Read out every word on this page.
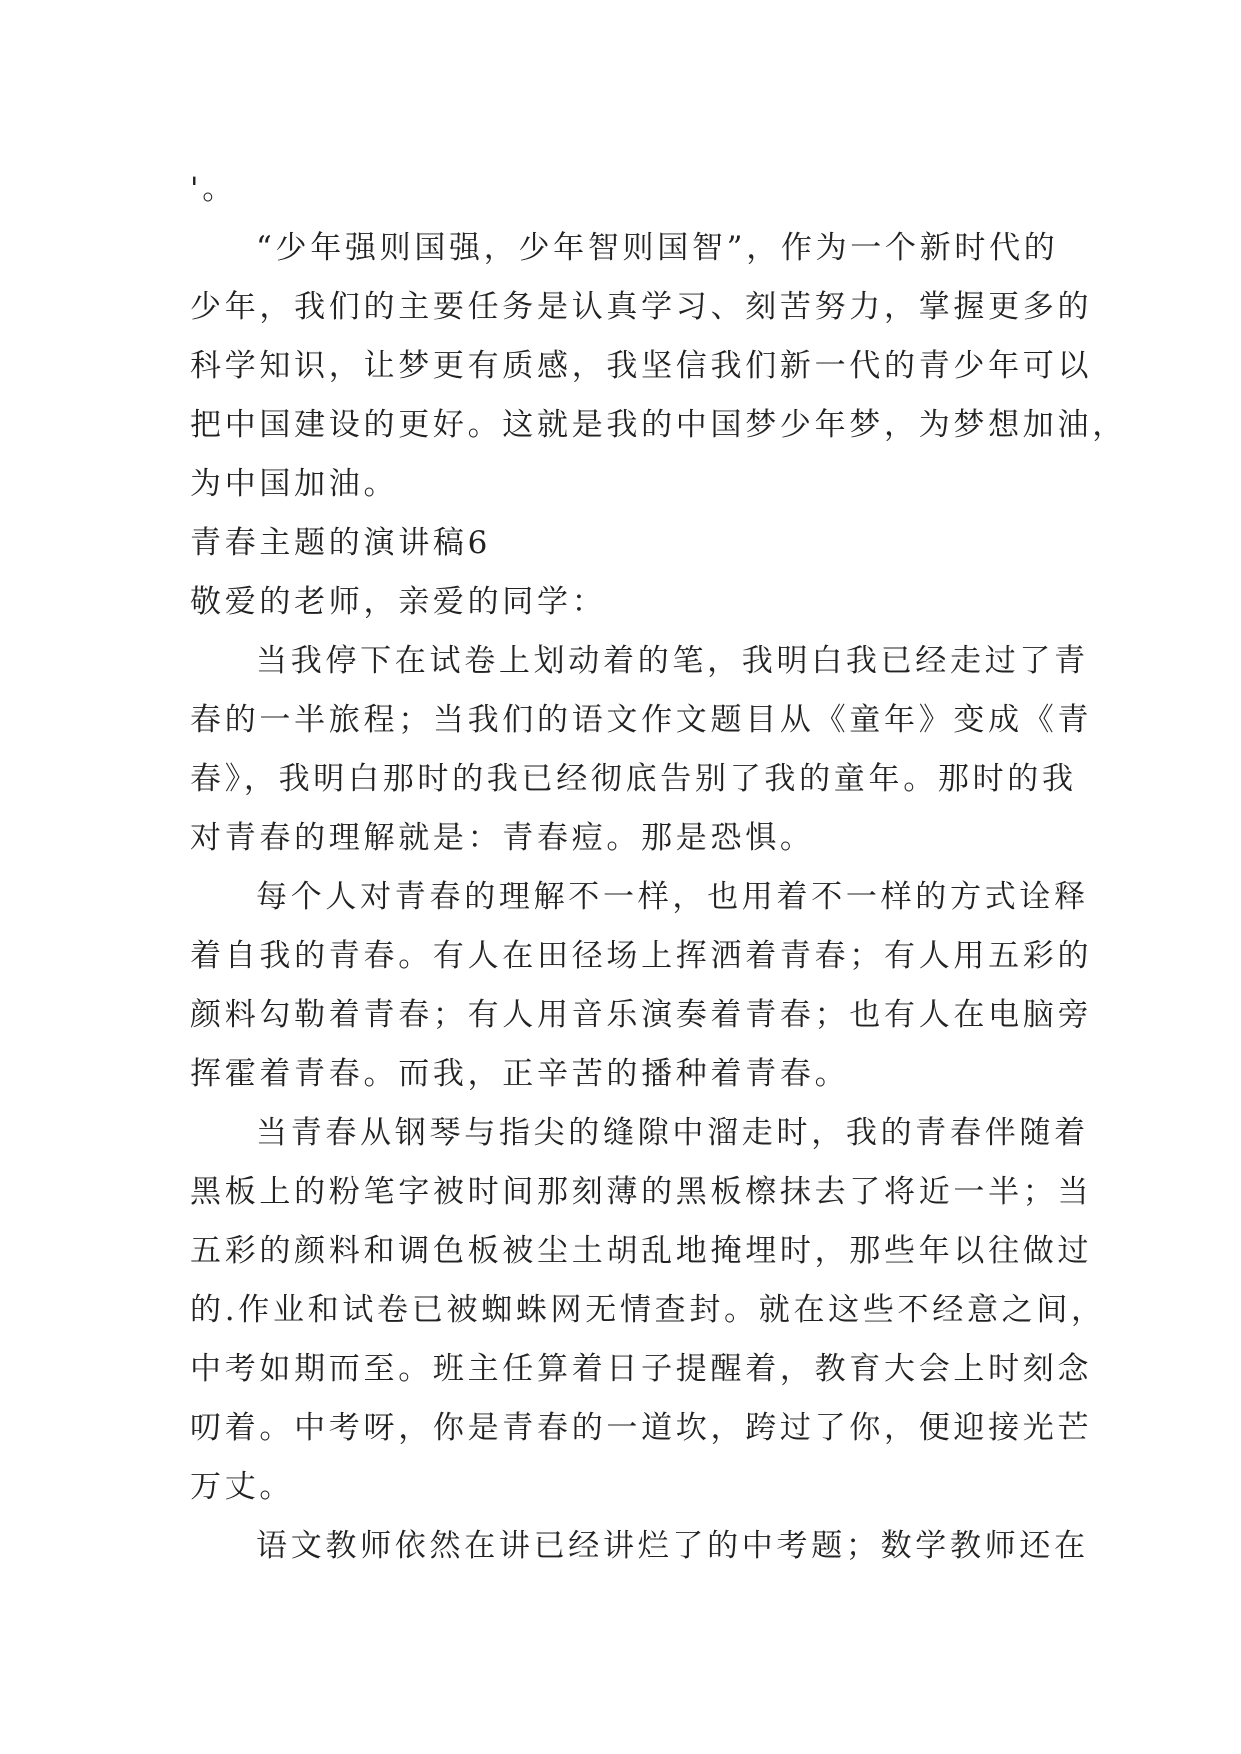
'。

“少年强则国强，少年智则国智”，作为一个新时代的

少年，我们的主要任务是认真学习、刻苦努力，掌握更多的

科学知识，让梦更有质感，我坚信我们新一代的青少年可以

把中国建设的更好。这就是我的中国梦少年梦，为梦想加油，

为中国加油。

青春主题的演讲稿6

敬爱的老师，亲爱的同学：

当我停下在试卷上划动着的笔，我明白我已经走过了青

春的一半旅程；当我们的语文作文题目从《童年》变成《青

春》，我明白那时的我已经彻底告别了我的童年。那时的我

对青春的理解就是：青春痘。那是恐惧。

每个人对青春的理解不一样，也用着不一样的方式诠释

着自我的青春。有人在田径场上挥洒着青春；有人用五彩的

颜料勾勒着青春；有人用音乐演奏着青春；也有人在电脑旁

挥霍着青春。而我，正辛苦的播种着青春。

当青春从钢琴与指尖的缝隙中溜走时，我的青春伴随着

黑板上的粉笔字被时间那刻薄的黑板檫抹去了将近一半；当

五彩的颜料和调色板被尘土胡乱地掩埋时，那些年以往做过

的.作业和试卷已被蜘蛛网无情查封。就在这些不经意之间，

中考如期而至。班主任算着日子提醒着，教育大会上时刻念

叨着。中考呀，你是青春的一道坎，跨过了你，便迎接光芒

万丈。

语文教师依然在讲已经讲烂了的中考题；数学教师还在
